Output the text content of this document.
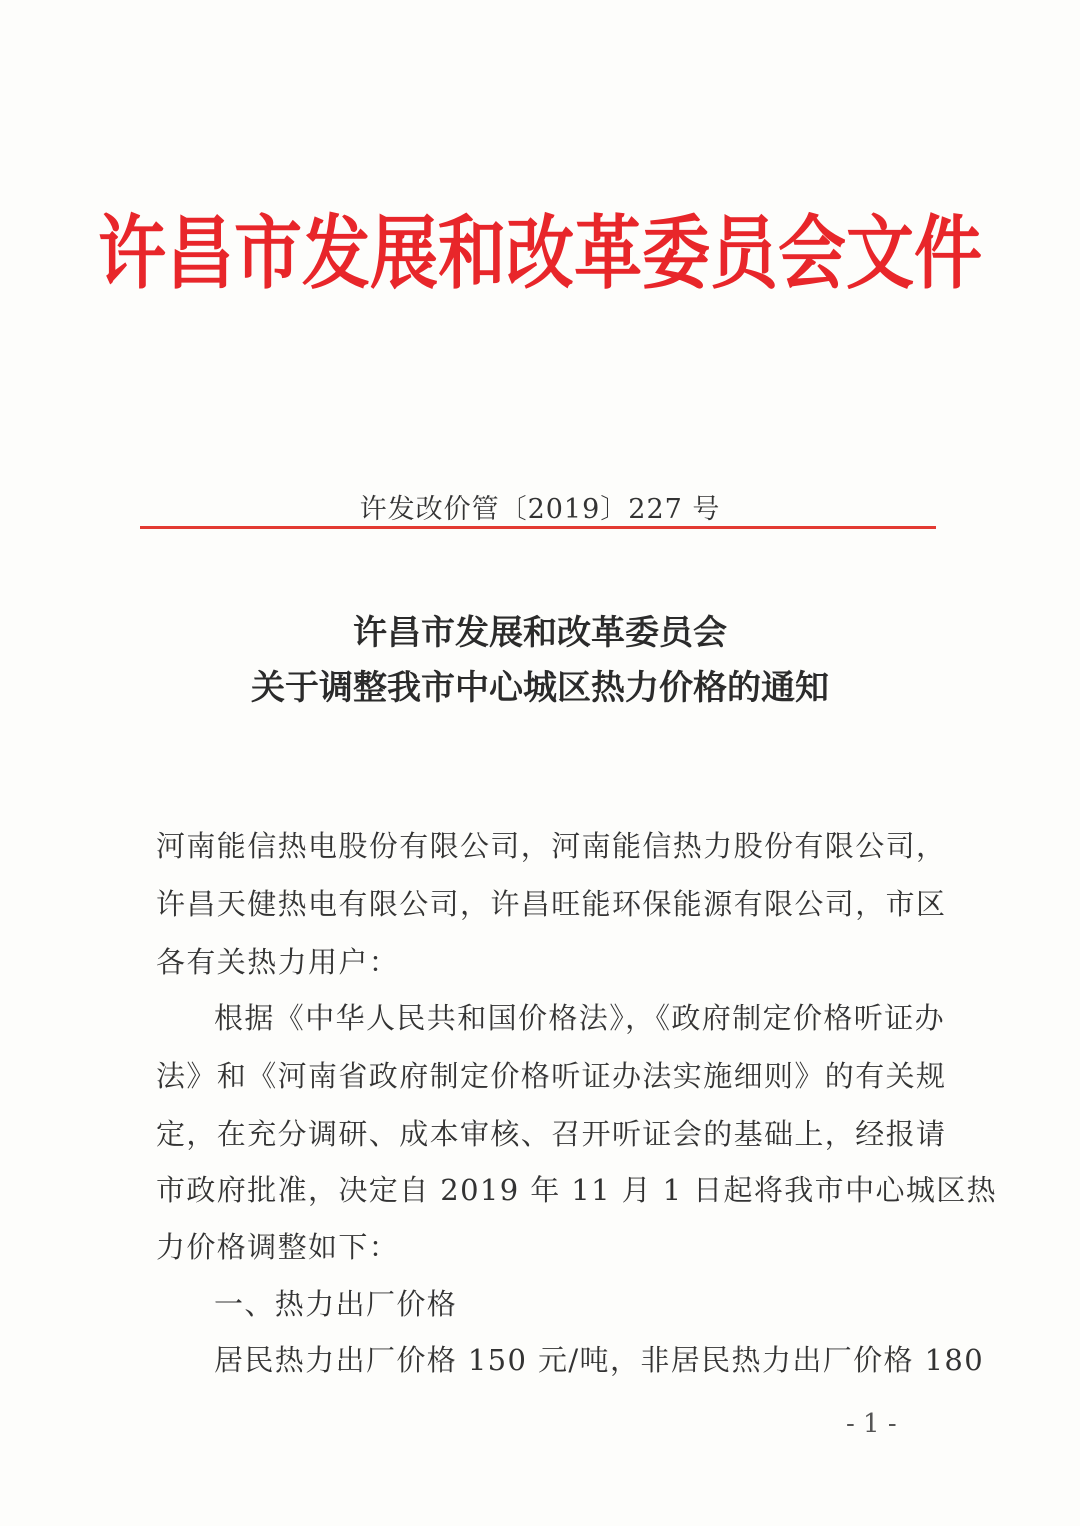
许昌市发展和改革委员会文件
许发改价管〔2019〕227 号
许昌市发展和改革委员会
关于调整我市中心城区热力价格的通知
河南能信热电股份有限公司，河南能信热力股份有限公司，
许昌天健热电有限公司，许昌旺能环保能源有限公司，市区
各有关热力用户：
根据《中华人民共和国价格法》，《政府制定价格听证办
法》和《河南省政府制定价格听证办法实施细则》的有关规
定，在充分调研、成本审核、召开听证会的基础上，经报请
市政府批准，决定自 2019 年 11 月 1 日起将我市中心城区热
力价格调整如下：
一、热力出厂价格
居民热力出厂价格 150 元/吨，非居民热力出厂价格 180
- 1 -
